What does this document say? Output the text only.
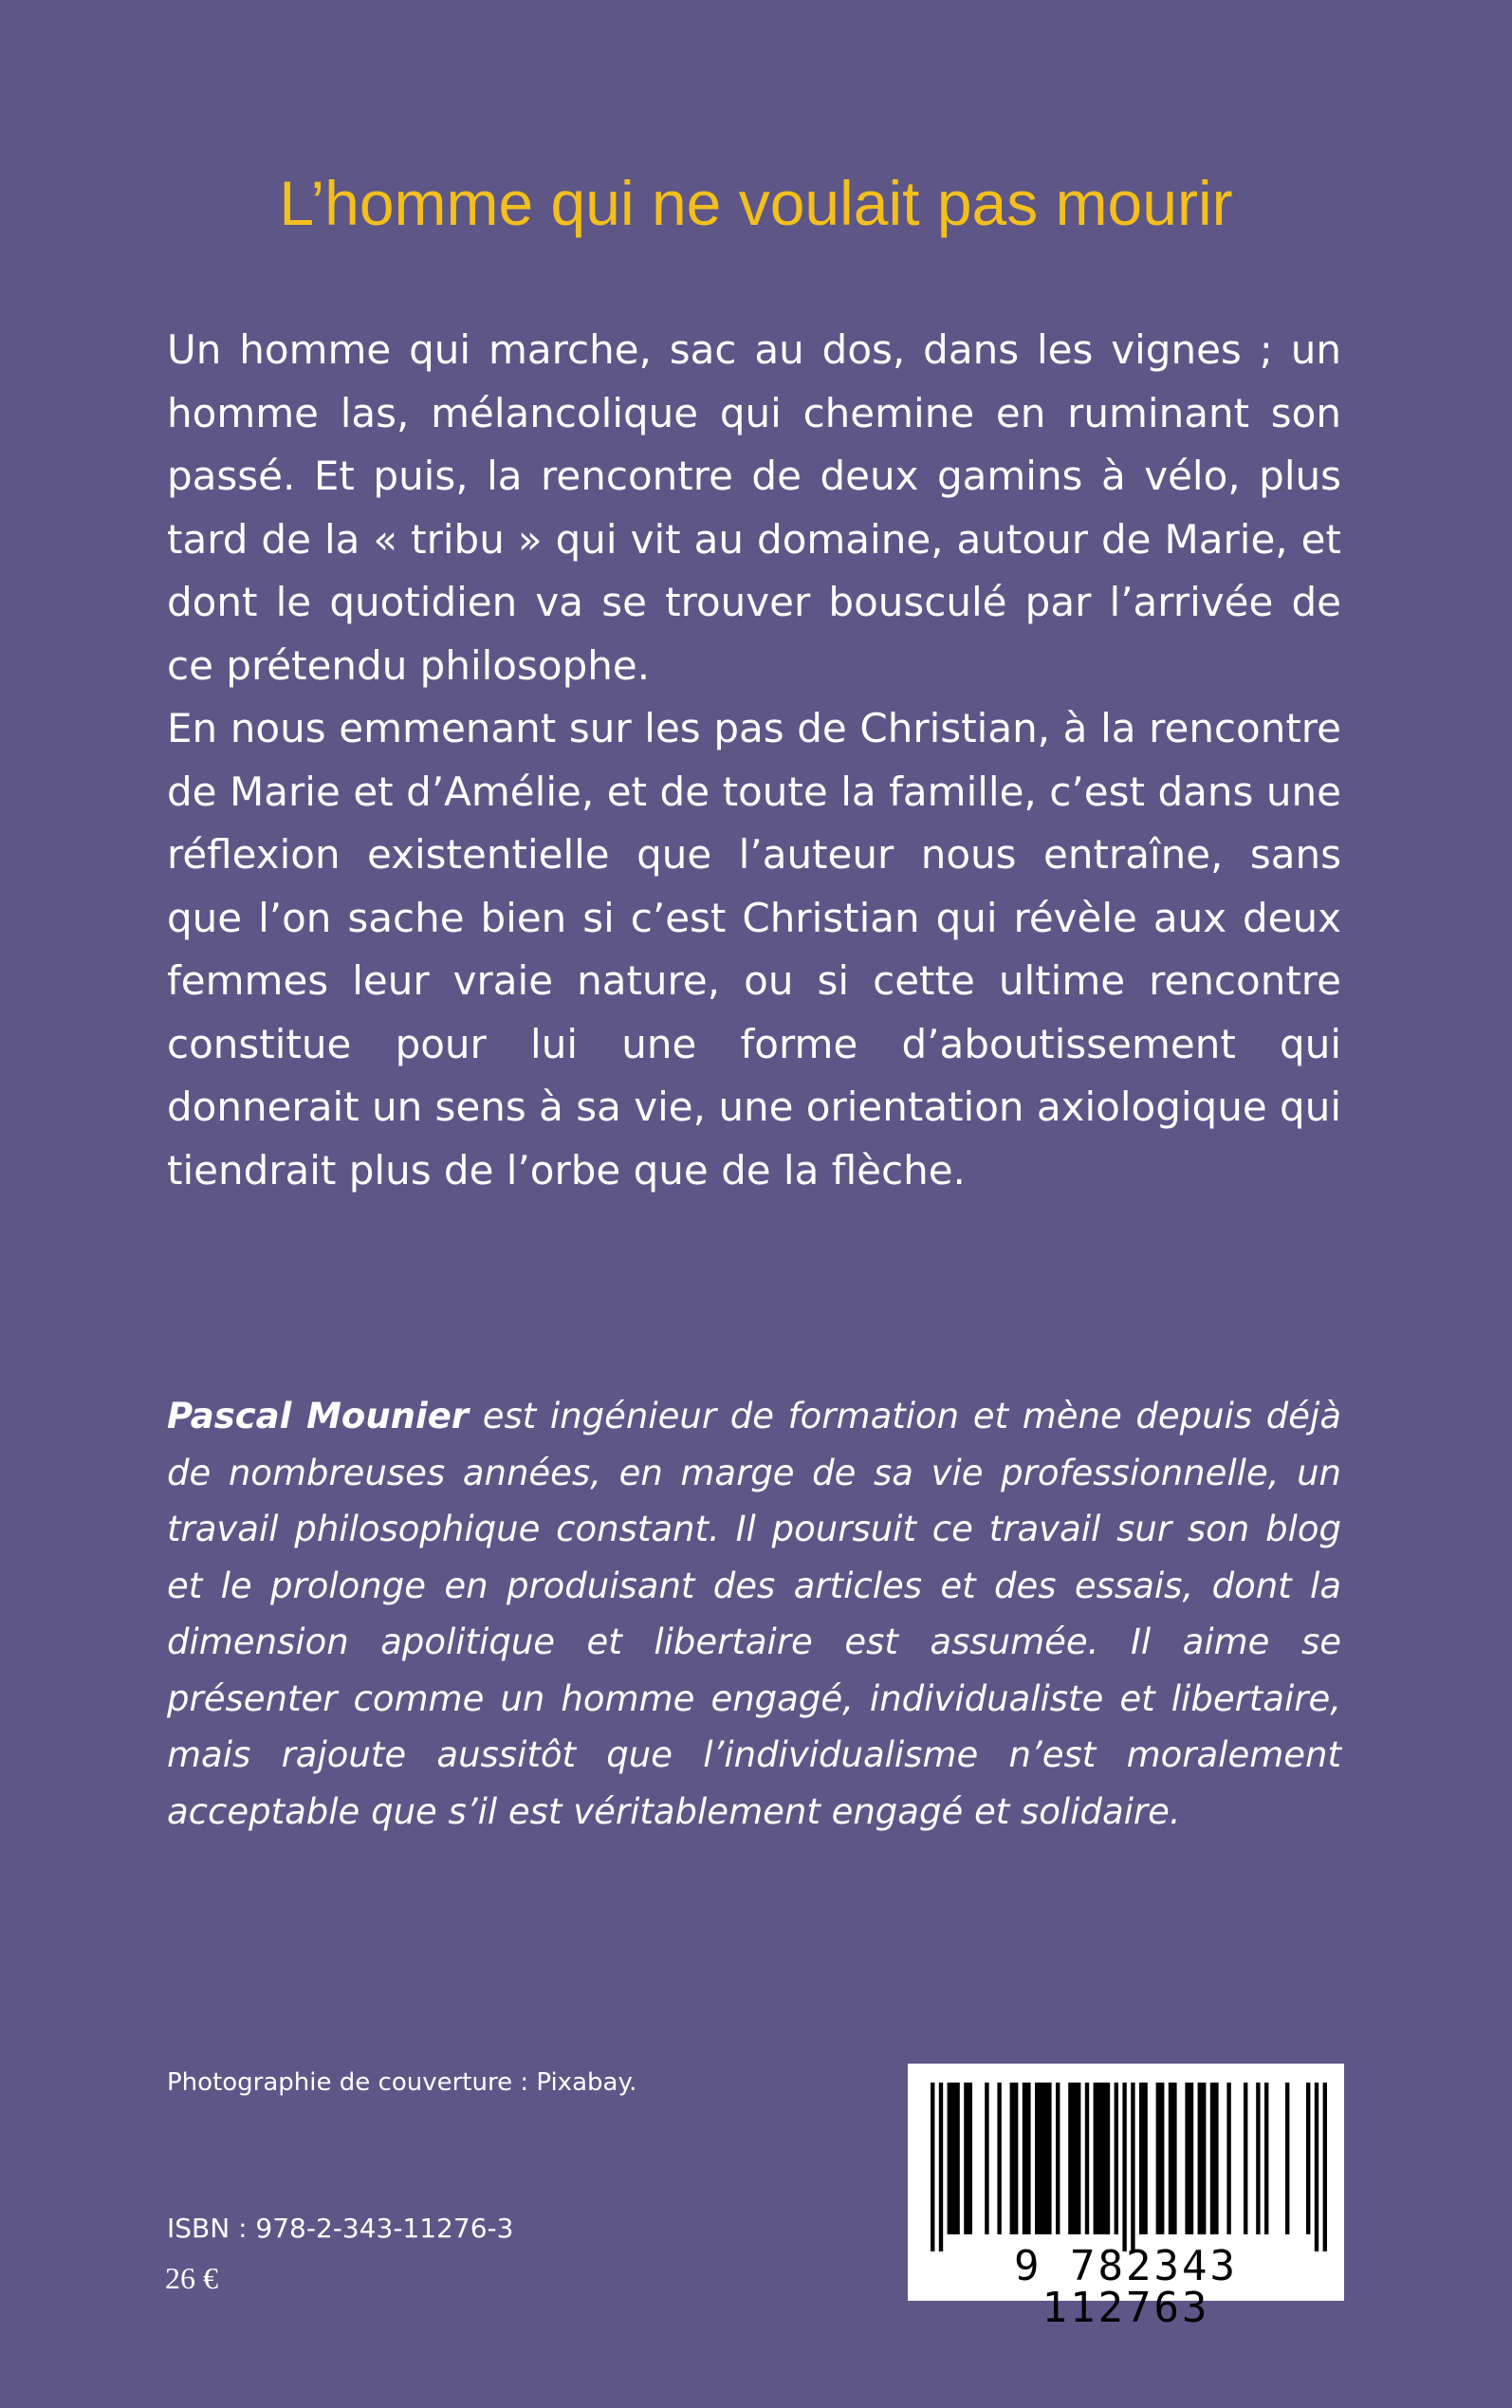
L’homme qui ne voulait pas mourir

Un homme qui marche, sac au dos, dans les vignes ; un homme las, mélancolique qui chemine en ruminant son passé. Et puis, la rencontre de deux gamins à vélo, plus tard de la « tribu » qui vit au domaine, autour de Marie, et dont le quotidien va se trouver bousculé par l’arrivée de ce prétendu philosophe.

En nous emmenant sur les pas de Christian, à la rencontre de Marie et d’Amélie, et de toute la famille, c’est dans une réflexion existentielle que l’auteur nous entraîne, sans que l’on sache bien si c’est Christian qui révèle aux deux femmes leur vraie nature, ou si cette ultime rencontre constitue pour lui une forme d’aboutissement qui donnerait un sens à sa vie, une orientation axiologique qui tiendrait plus de l’orbe que de la flèche.

Pascal Mounier est ingénieur de formation et mène depuis déjà de nombreuses années, en marge de sa vie professionnelle, un travail philosophique constant. Il poursuit ce travail sur son blog et le prolonge en produisant des articles et des essais, dont la dimension apolitique et libertaire est assumée. Il aime se présenter comme un homme engagé, individualiste et libertaire, mais rajoute aussitôt que l’individualisme n’est moralement acceptable que s’il est véritablement engagé et solidaire.

Photographie de couverture : Pixabay.

ISBN : 978-2-343-11276-3

26 €	9 782343 112763
